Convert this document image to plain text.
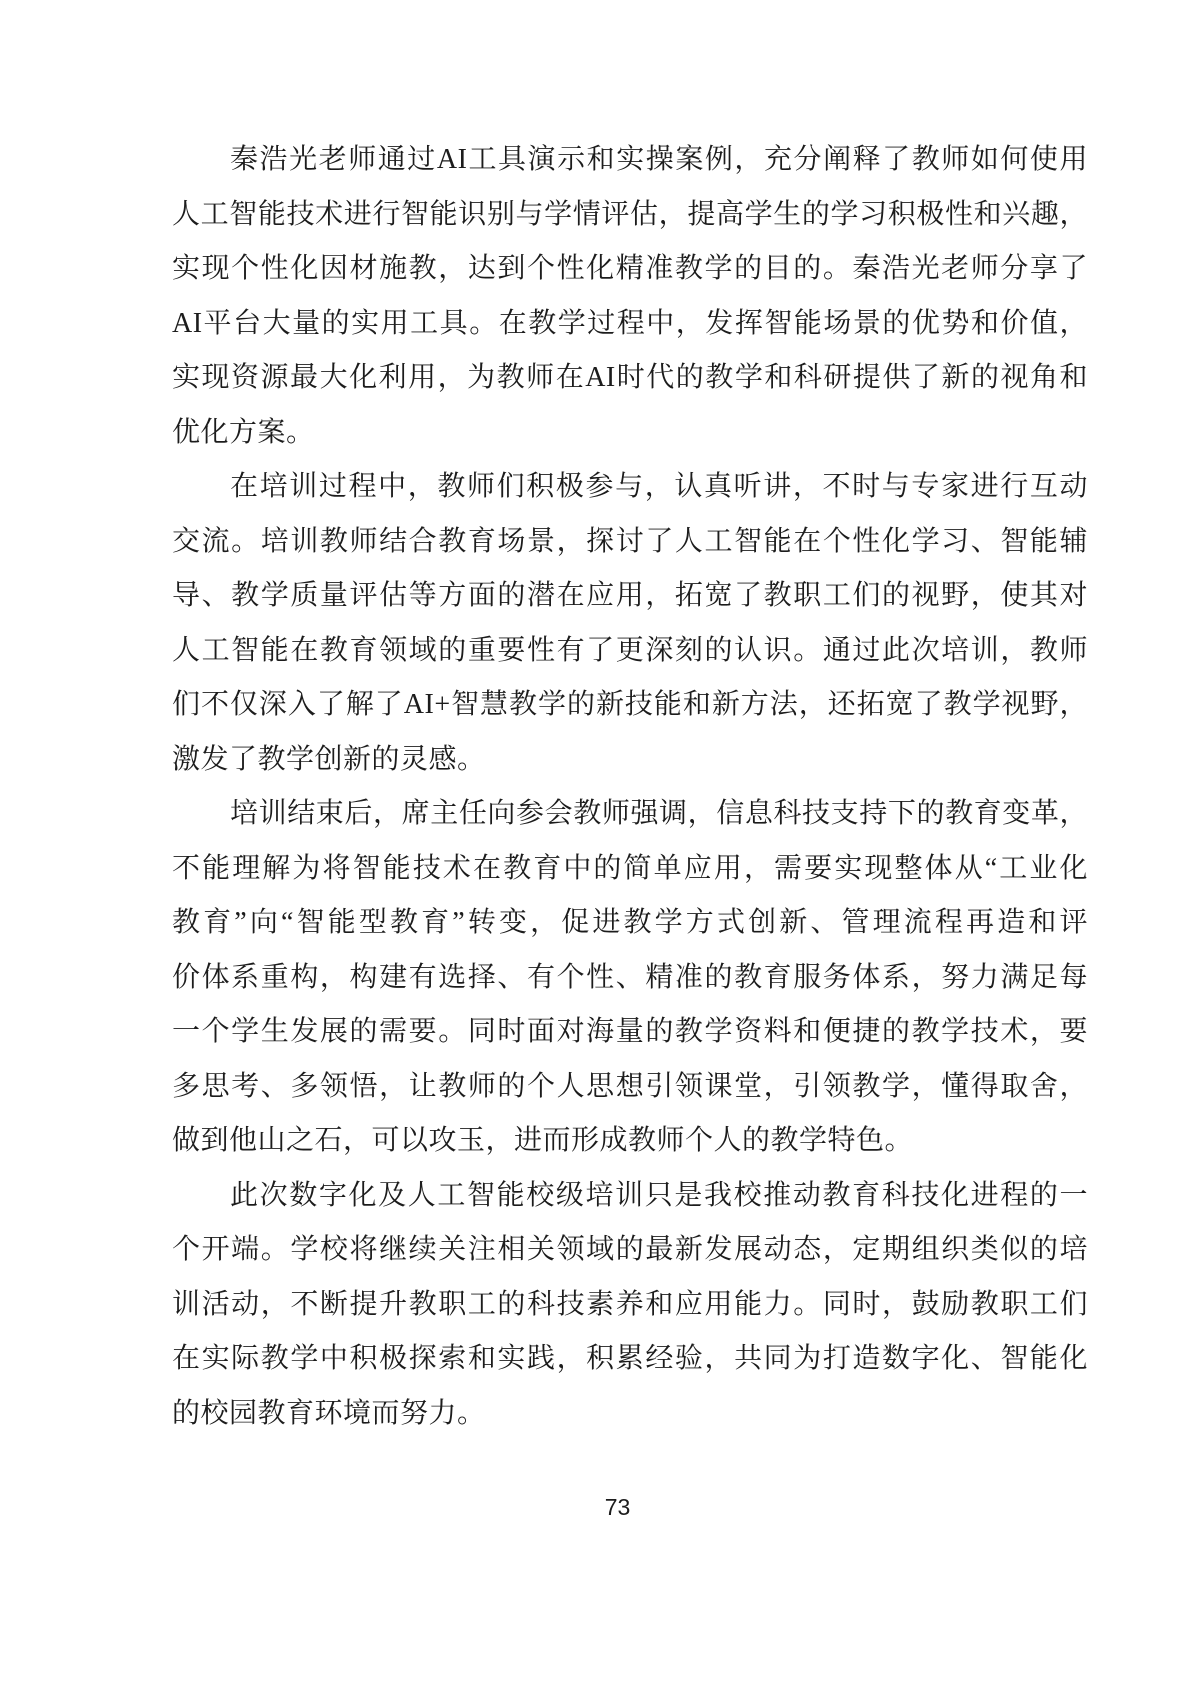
秦浩光老师通过AI工具演示和实操案例，充分阐释了教师如何使用
人工智能技术进行智能识别与学情评估，提高学生的学习积极性和兴趣，
实现个性化因材施教，达到个性化精准教学的目的。秦浩光老师分享了
AI平台大量的实用工具。在教学过程中，发挥智能场景的优势和价值，
实现资源最大化利用，为教师在AI时代的教学和科研提供了新的视角和
优化方案。
在培训过程中，教师们积极参与，认真听讲，不时与专家进行互动
交流。培训教师结合教育场景，探讨了人工智能在个性化学习、智能辅
导、教学质量评估等方面的潜在应用，拓宽了教职工们的视野，使其对
人工智能在教育领域的重要性有了更深刻的认识。通过此次培训，教师
们不仅深入了解了AI+智慧教学的新技能和新方法，还拓宽了教学视野，
激发了教学创新的灵感。
培训结束后，席主任向参会教师强调，信息科技支持下的教育变革，
不能理解为将智能技术在教育中的简单应用，需要实现整体从“工业化
教育”向“智能型教育”转变，促进教学方式创新、管理流程再造和评
价体系重构，构建有选择、有个性、精准的教育服务体系，努力满足每
一个学生发展的需要。同时面对海量的教学资料和便捷的教学技术，要
多思考、多领悟，让教师的个人思想引领课堂，引领教学，懂得取舍，
做到他山之石，可以攻玉，进而形成教师个人的教学特色。
此次数字化及人工智能校级培训只是我校推动教育科技化进程的一
个开端。学校将继续关注相关领域的最新发展动态，定期组织类似的培
训活动，不断提升教职工的科技素养和应用能力。同时，鼓励教职工们
在实际教学中积极探索和实践，积累经验，共同为打造数字化、智能化
的校园教育环境而努力。
73
